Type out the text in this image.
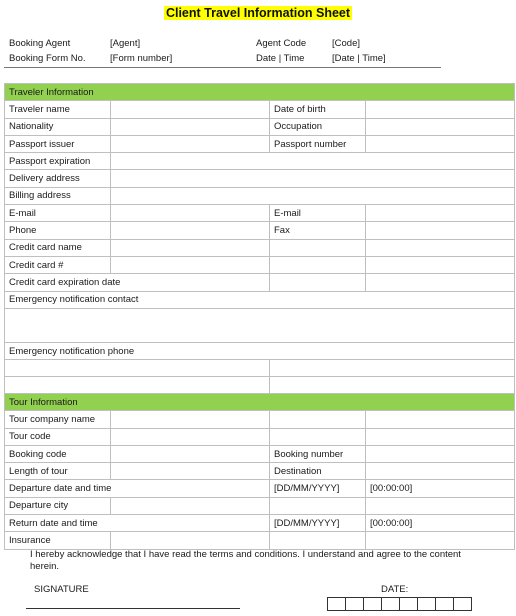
Client Travel Information Sheet
Booking Agent	[Agent]	Agent Code	[Code]
Booking Form No.	[Form number]	Date | Time	[Date | Time]
Traveler Information			
Traveler name		Date of birth	
Nationality		Occupation	
Passport issuer		Passport number	
Passport expiration			
Delivery address			
Billing address			
E-mail		E-mail	
Phone		Fax	
Credit card name			
Credit card #			
Credit card expiration date			
Emergency notification contact			

Emergency notification phone			

Tour Information			
Tour company name			
Tour code			
Booking code		Booking number	
Length of tour		Destination	
Departure date and time		[DD/MM/YYYY]	[00:00:00]
Departure city			
Return date and time		[DD/MM/YYYY]	[00:00:00]
Insurance			
I hereby acknowledge that I have read the terms and conditions. I understand and agree to the content herein.
SIGNATURE	DATE:
